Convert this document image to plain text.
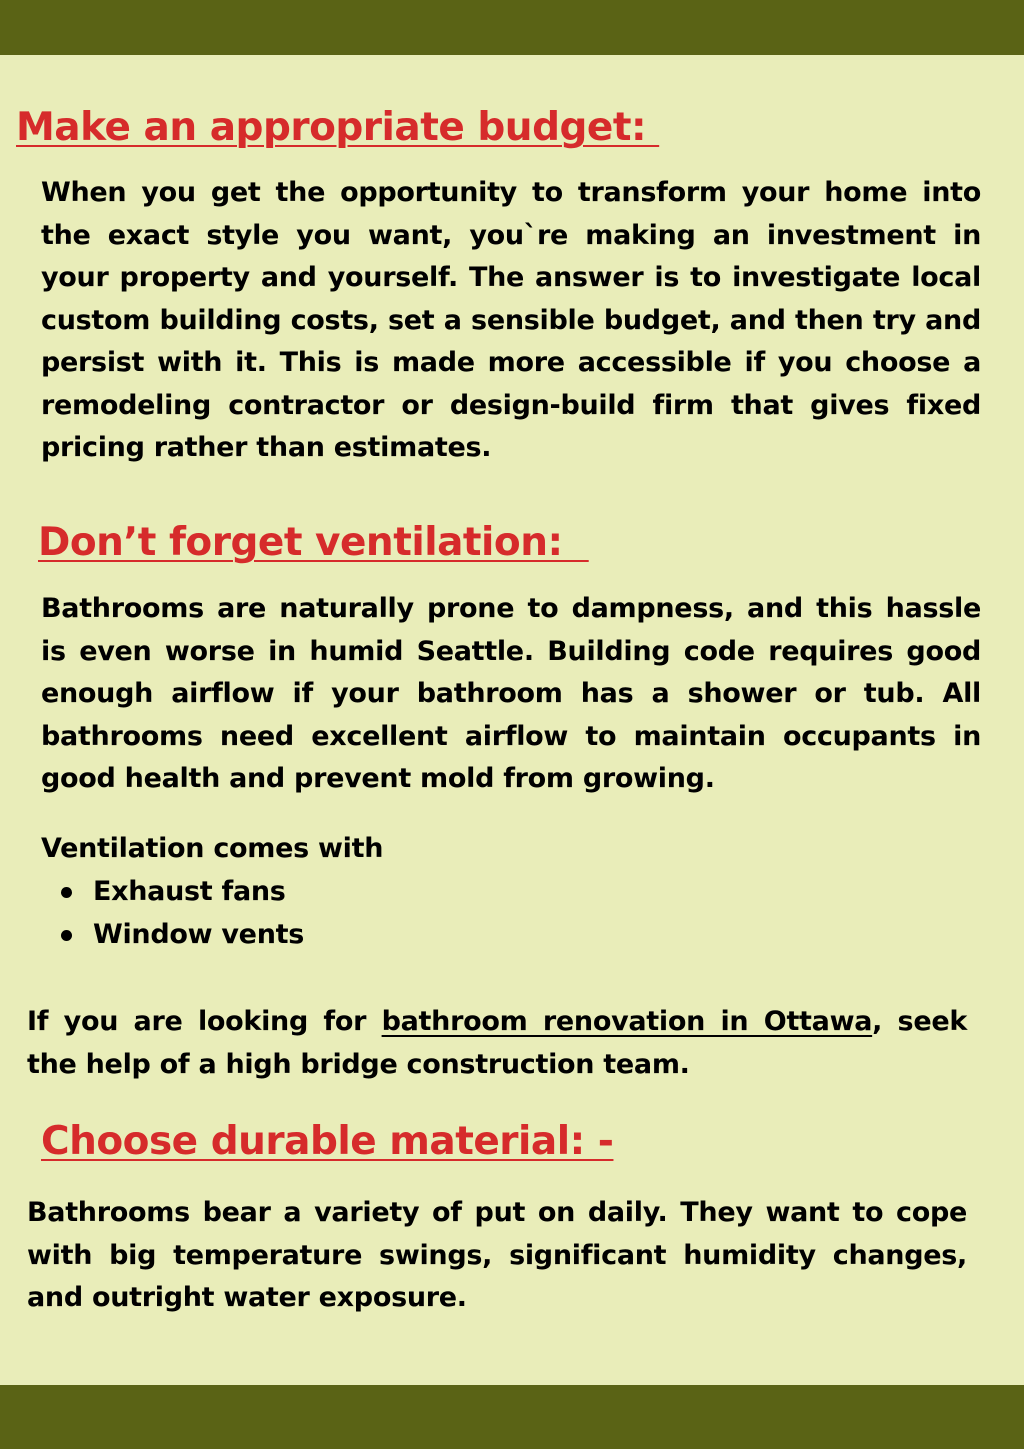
Make an appropriate budget:

When you get the opportunity to transform your home into the exact style you want, you`re making an investment in your property and yourself. The answer is to investigate local custom building costs, set a sensible budget, and then try and persist with it. This is made more accessible if you choose a remodeling contractor or design-build firm that gives fixed pricing rather than estimates.

Don’t forget ventilation:

Bathrooms are naturally prone to dampness, and this hassle is even worse in humid Seattle. Building code requires good enough airflow if your bathroom has a shower or tub. All bathrooms need excellent airflow to maintain occupants in good health and prevent mold from growing.

Ventilation comes with

Exhaust fans
Window vents

If you are looking for bathroom renovation in Ottawa, seek the help of a high bridge construction team.

Choose durable material: -

Bathrooms bear a variety of put on daily. They want to cope with big temperature swings, significant humidity changes, and outright water exposure.
